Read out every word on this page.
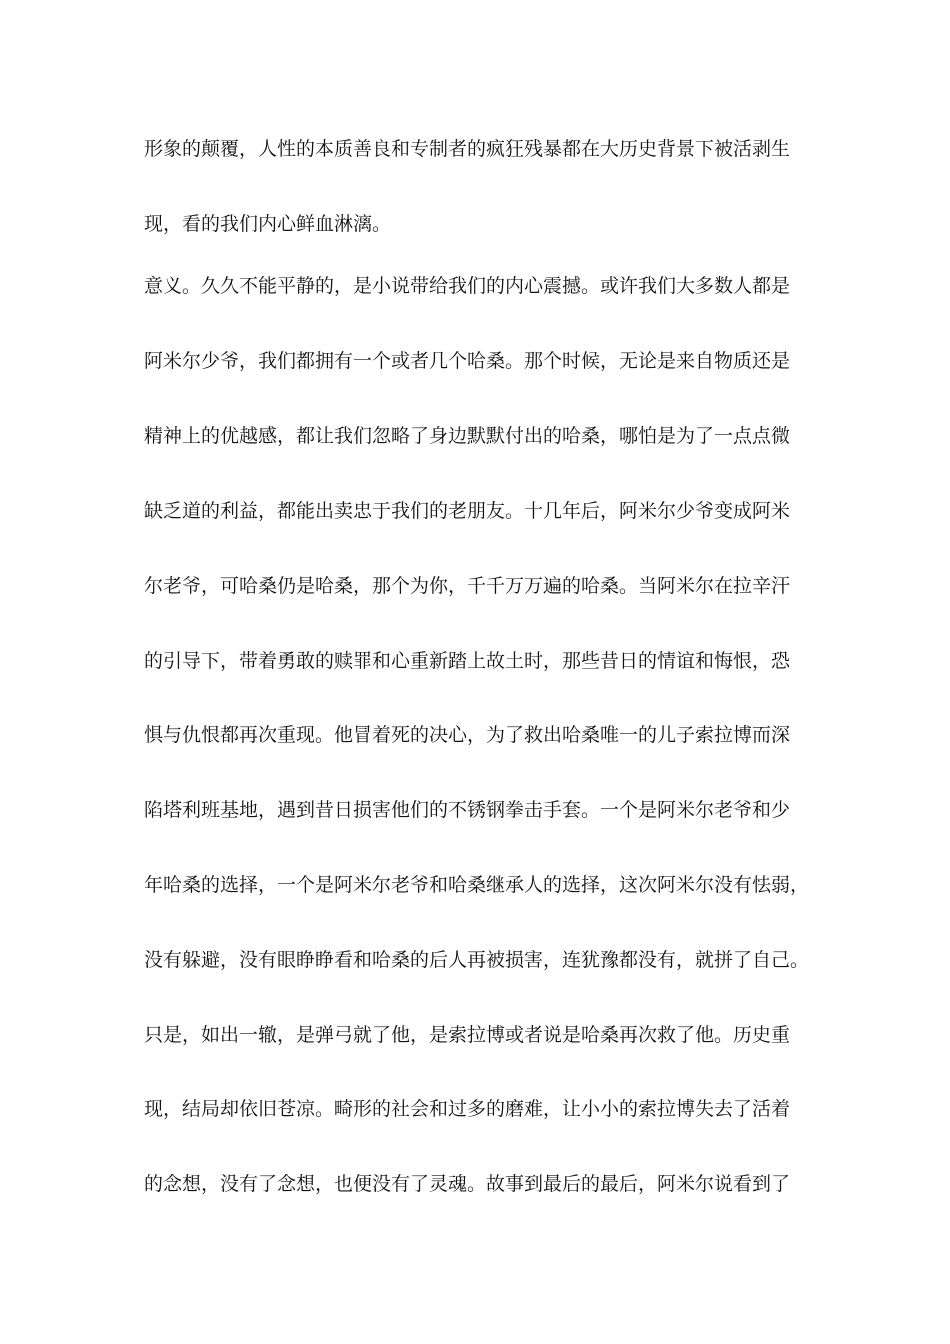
形象的颠覆，人性的本质善良和专制者的疯狂残暴都在大历史背景下被活剥生
现，看的我们内心鲜血淋漓。
意义。久久不能平静的，是小说带给我们的内心震撼。或许我们大多数人都是
阿米尔少爷，我们都拥有一个或者几个哈桑。那个时候，无论是来自物质还是
精神上的优越感，都让我们忽略了身边默默付出的哈桑，哪怕是为了一点点微
缺乏道的利益，都能出卖忠于我们的老朋友。十几年后，阿米尔少爷变成阿米
尔老爷，可哈桑仍是哈桑，那个为你，千千万万遍的哈桑。当阿米尔在拉辛汗
的引导下，带着勇敢的赎罪和心重新踏上故土时，那些昔日的情谊和悔恨，恐
惧与仇恨都再次重现。他冒着死的决心，为了救出哈桑唯一的儿子索拉博而深
陷塔利班基地，遇到昔日损害他们的不锈钢拳击手套。一个是阿米尔老爷和少
年哈桑的选择，一个是阿米尔老爷和哈桑继承人的选择，这次阿米尔没有怯弱，
没有躲避，没有眼睁睁看和哈桑的后人再被损害，连犹豫都没有，就拼了自己。
只是，如出一辙，是弹弓就了他，是索拉博或者说是哈桑再次救了他。历史重
现，结局却依旧苍凉。畸形的社会和过多的磨难，让小小的索拉博失去了活着
的念想，没有了念想，也便没有了灵魂。故事到最后的最后，阿米尔说看到了
